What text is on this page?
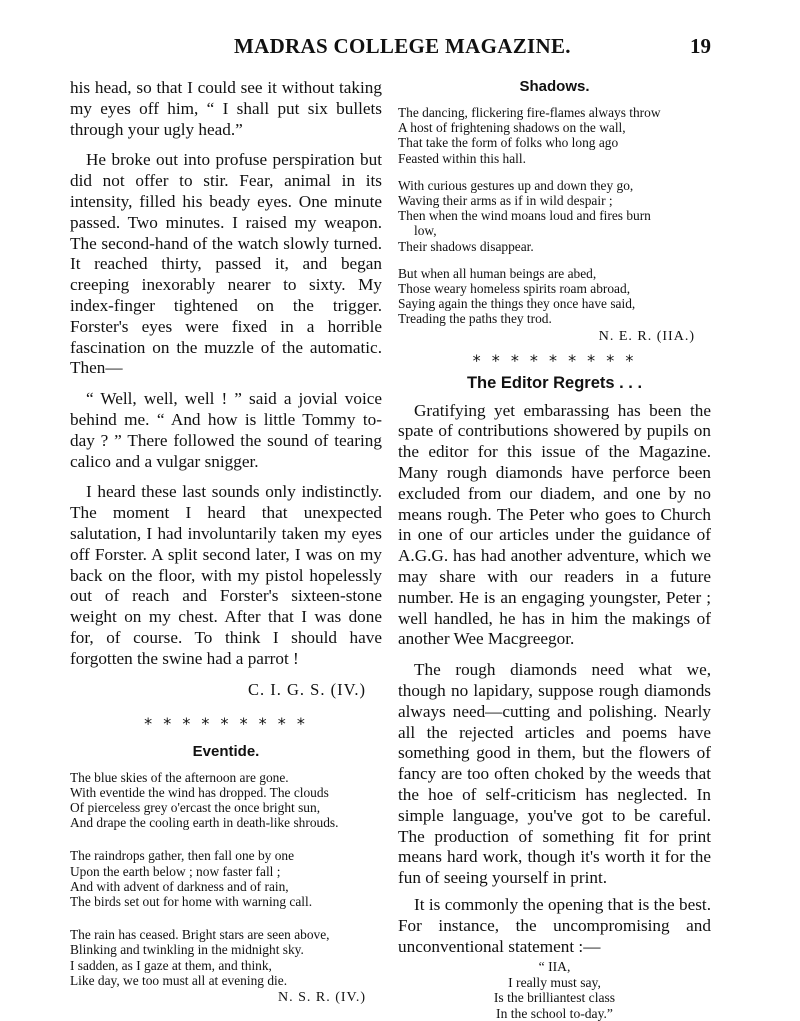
MADRAS COLLEGE MAGAZINE.	19

his head, so that I could see it without taking my eyes off him, “ I shall put six bullets through your ugly head.”

He broke out into profuse perspiration but did not offer to stir. Fear, animal in its intensity, filled his beady eyes. One minute passed. Two minutes. I raised my weapon. The second-hand of the watch slowly turned. It reached thirty, passed it, and began creeping inexorably nearer to sixty. My index-finger tightened on the trigger. Forster's eyes were fixed in a horrible fascination on the muzzle of the automatic. Then—

“ Well, well, well ! ” said a jovial voice behind me. “ And how is little Tommy to-day ? ” There followed the sound of tearing calico and a vulgar snigger.

I heard these last sounds only indistinctly. The moment I heard that unexpected salutation, I had involuntarily taken my eyes off Forster. A split second later, I was on my back on the floor, with my pistol hopelessly out of reach and Forster's sixteen-stone weight on my chest. After that I was done for, of course. To think I should have forgotten the swine had a parrot !

C. I. G. S. (IV.)
* * * * * * * * *
Eventide.
The blue skies of the afternoon are gone.
With eventide the wind has dropped. The clouds
Of pierceless grey o'ercast the once bright sun,
And drape the cooling earth in death-like shrouds.
The raindrops gather, then fall one by one
Upon the earth below ; now faster fall ;
And with advent of darkness and of rain,
The birds set out for home with warning call.
The rain has ceased. Bright stars are seen above,
Blinking and twinkling in the midnight sky.
I sadden, as I gaze at them, and think,
Like day, we too must all at evening die.
N. S. R. (IV.)
Shadows.
The dancing, flickering fire-flames always throw
A host of frightening shadows on the wall,
That take the form of folks who long ago
Feasted within this hall.
With curious gestures up and down they go,
Waving their arms as if in wild despair ;
Then when the wind moans loud and fires burn
low,
Their shadows disappear.
But when all human beings are abed,
Those weary homeless spirits roam abroad,
Saying again the things they once have said,
Treading the paths they trod.
N. E. R. (IIA.)
* * * * * * * * *
The Editor Regrets . . .

Gratifying yet embarassing has been the spate of contributions showered by pupils on the editor for this issue of the Magazine. Many rough diamonds have perforce been excluded from our diadem, and one by no means rough. The Peter who goes to Church in one of our articles under the guidance of A.G.G. has had another adventure, which we may share with our readers in a future number. He is an engaging youngster, Peter ; well handled, he has in him the makings of another Wee Macgreegor.

The rough diamonds need what we, though no lapidary, suppose rough diamonds always need—cutting and polishing. Nearly all the rejected articles and poems have something good in them, but the flowers of fancy are too often choked by the weeds that the hoe of self-criticism has neglected. In simple language, you've got to be careful. The production of something fit for print means hard work, though it's worth it for the fun of seeing yourself in print.

It is commonly the opening that is the best. For instance, the uncompromising and unconventional statement :—

“ IIA,
I really must say,
Is the brilliantest class
In the school to-day.”
